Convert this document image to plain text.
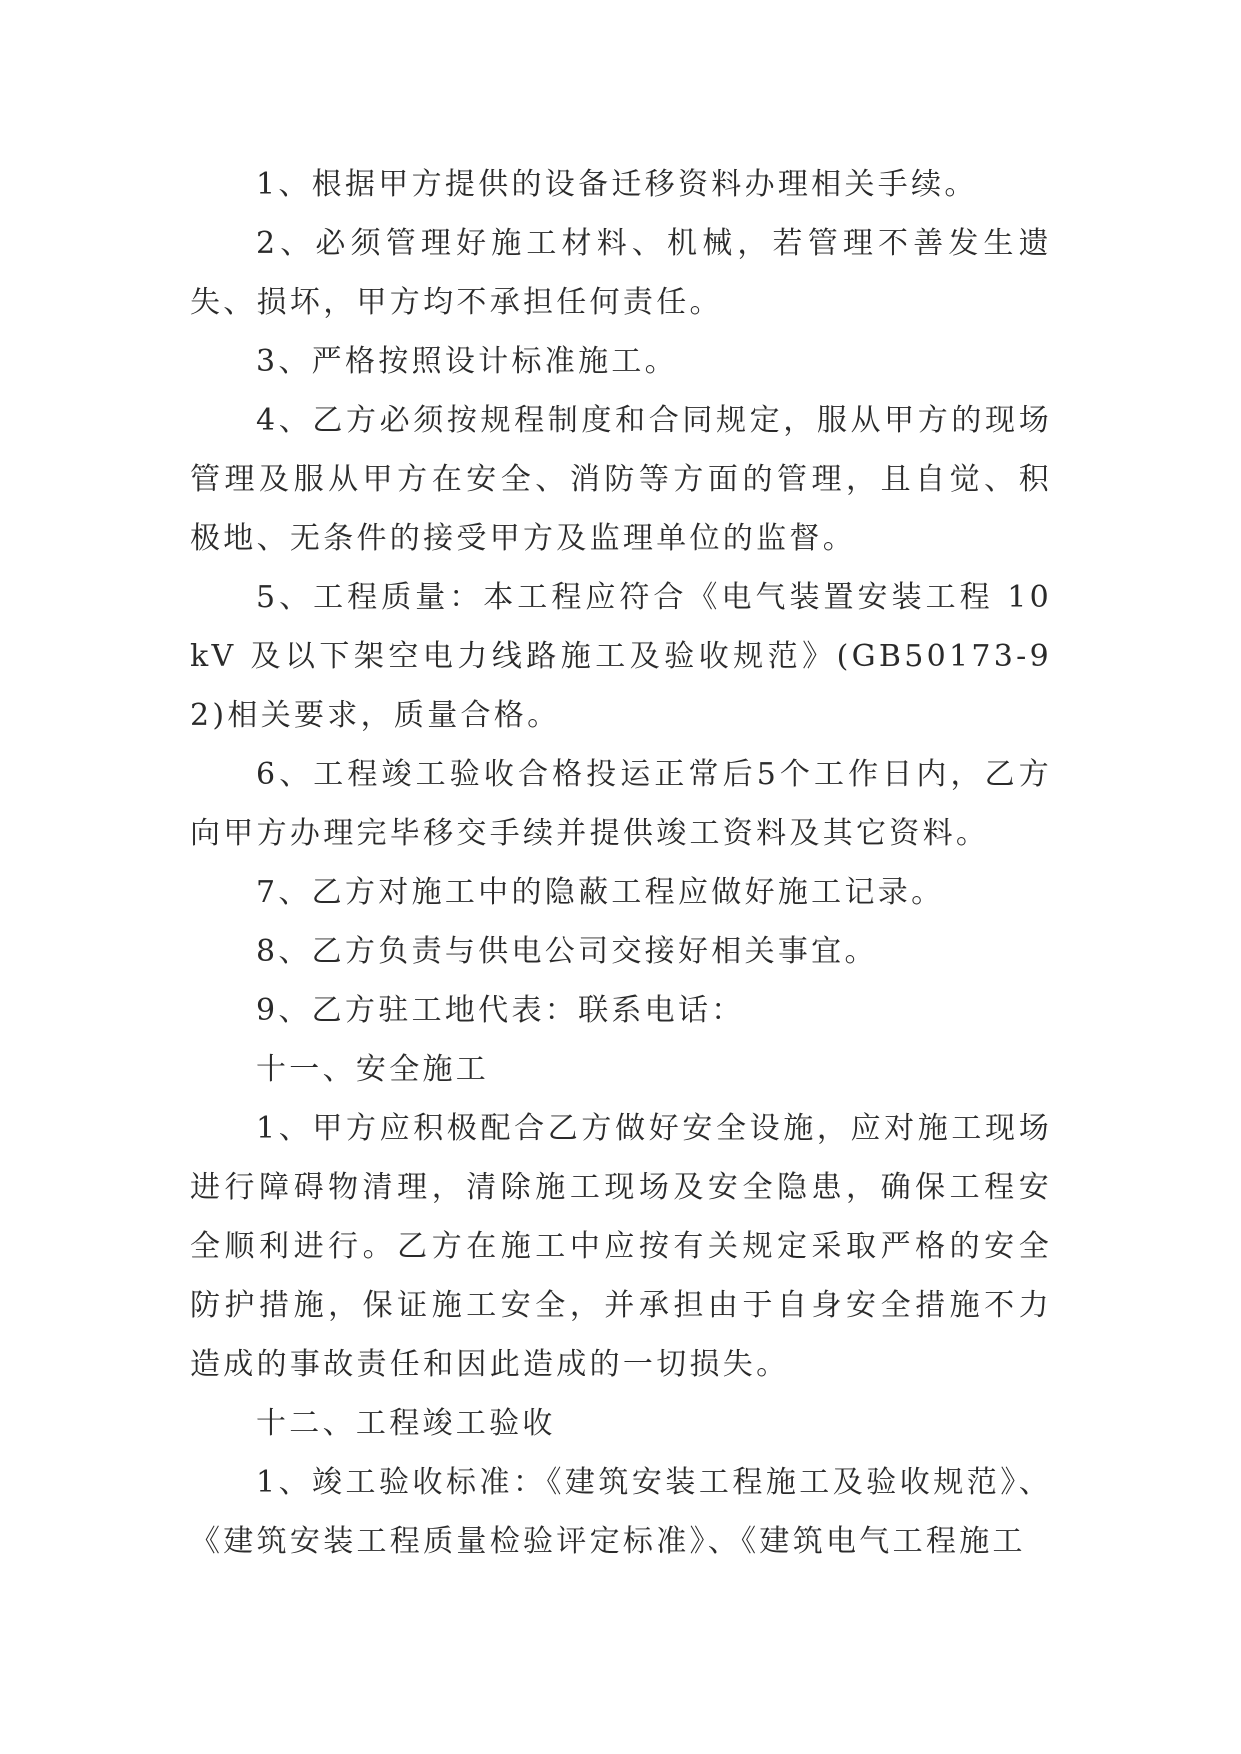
1、根据甲方提供的设备迁移资料办理相关手续。

2、必须管理好施工材料、机械，若管理不善发生遗失、损坏，甲方均不承担任何责任。

3、严格按照设计标准施工。

4、乙方必须按规程制度和合同规定，服从甲方的现场管理及服从甲方在安全、消防等方面的管理，且自觉、积极地、无条件的接受甲方及监理单位的监督。

5、工程质量：本工程应符合《电气装置安装工程 10kV 及以下架空电力线路施工及验收规范》(GB50173-92)相关要求，质量合格。

6、工程竣工验收合格投运正常后5个工作日内，乙方向甲方办理完毕移交手续并提供竣工资料及其它资料。

7、乙方对施工中的隐蔽工程应做好施工记录。

8、乙方负责与供电公司交接好相关事宜。

9、乙方驻工地代表：联系电话：

十一、安全施工

1、甲方应积极配合乙方做好安全设施，应对施工现场进行障碍物清理，清除施工现场及安全隐患，确保工程安全顺利进行。乙方在施工中应按有关规定采取严格的安全防护措施，保证施工安全，并承担由于自身安全措施不力造成的事故责任和因此造成的一切损失。

十二、工程竣工验收

1、竣工验收标准：《建筑安装工程施工及验收规范》、《建筑安装工程质量检验评定标准》、《建筑电气工程施工
